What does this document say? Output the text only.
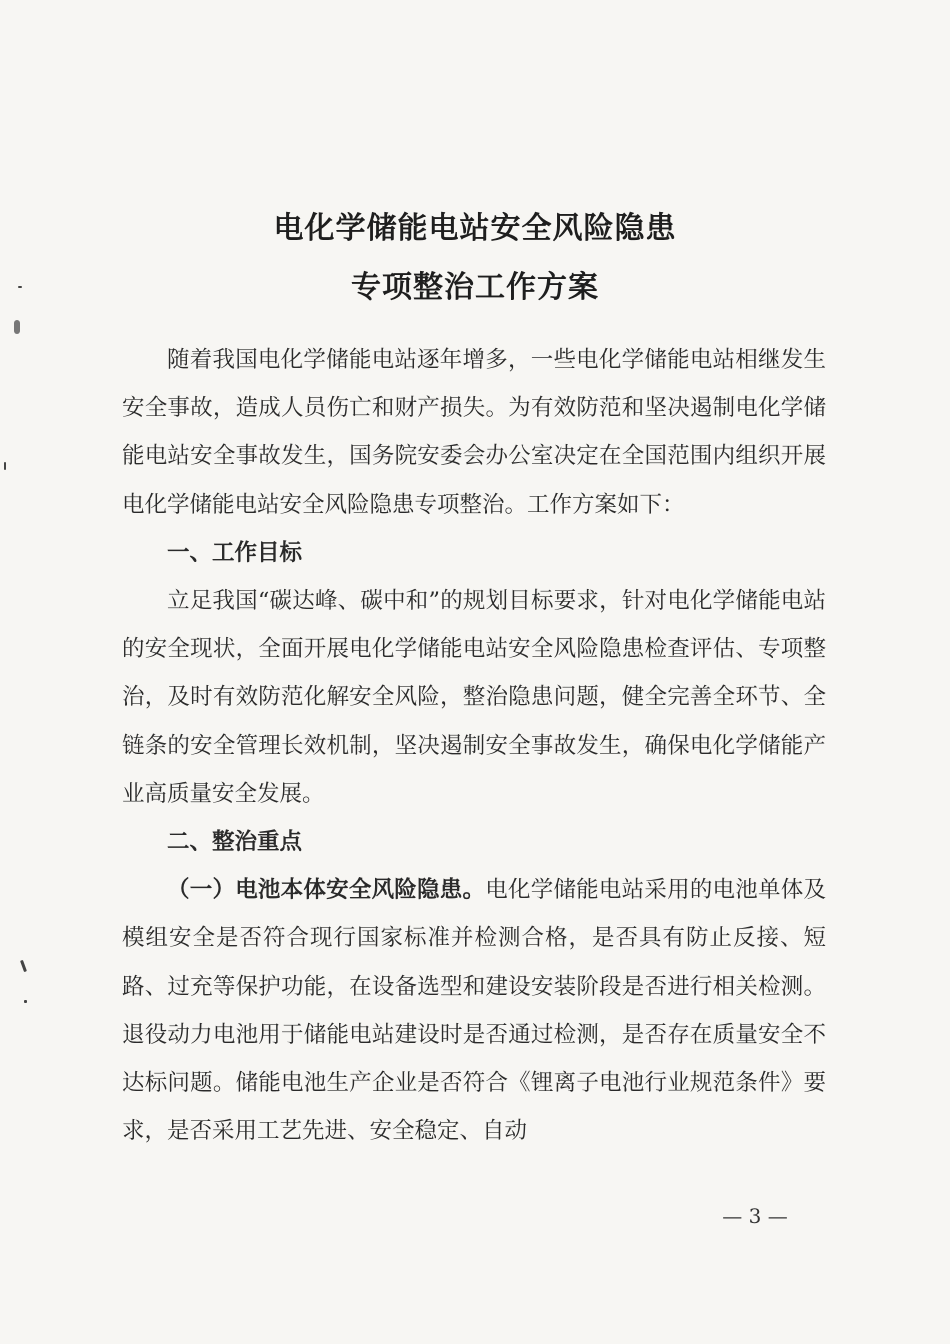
电化学储能电站安全风险隐患
专项整治工作方案

随着我国电化学储能电站逐年增多，一些电化学储能电站相继发生安全事故，造成人员伤亡和财产损失。为有效防范和坚决遏制电化学储能电站安全事故发生，国务院安委会办公室决定在全国范围内组织开展电化学储能电站安全风险隐患专项整治。工作方案如下：

一、工作目标

立足我国“碳达峰、碳中和”的规划目标要求，针对电化学储能电站的安全现状，全面开展电化学储能电站安全风险隐患检查评估、专项整治，及时有效防范化解安全风险，整治隐患问题，健全完善全环节、全链条的安全管理长效机制，坚决遏制安全事故发生，确保电化学储能产业高质量安全发展。

二、整治重点

（一）电池本体安全风险隐患。电化学储能电站采用的电池单体及模组安全是否符合现行国家标准并检测合格，是否具有防止反接、短路、过充等保护功能，在设备选型和建设安装阶段是否进行相关检测。退役动力电池用于储能电站建设时是否通过检测，是否存在质量安全不达标问题。储能电池生产企业是否符合《锂离子电池行业规范条件》要求，是否采用工艺先进、安全稳定、自动

— 3 —
